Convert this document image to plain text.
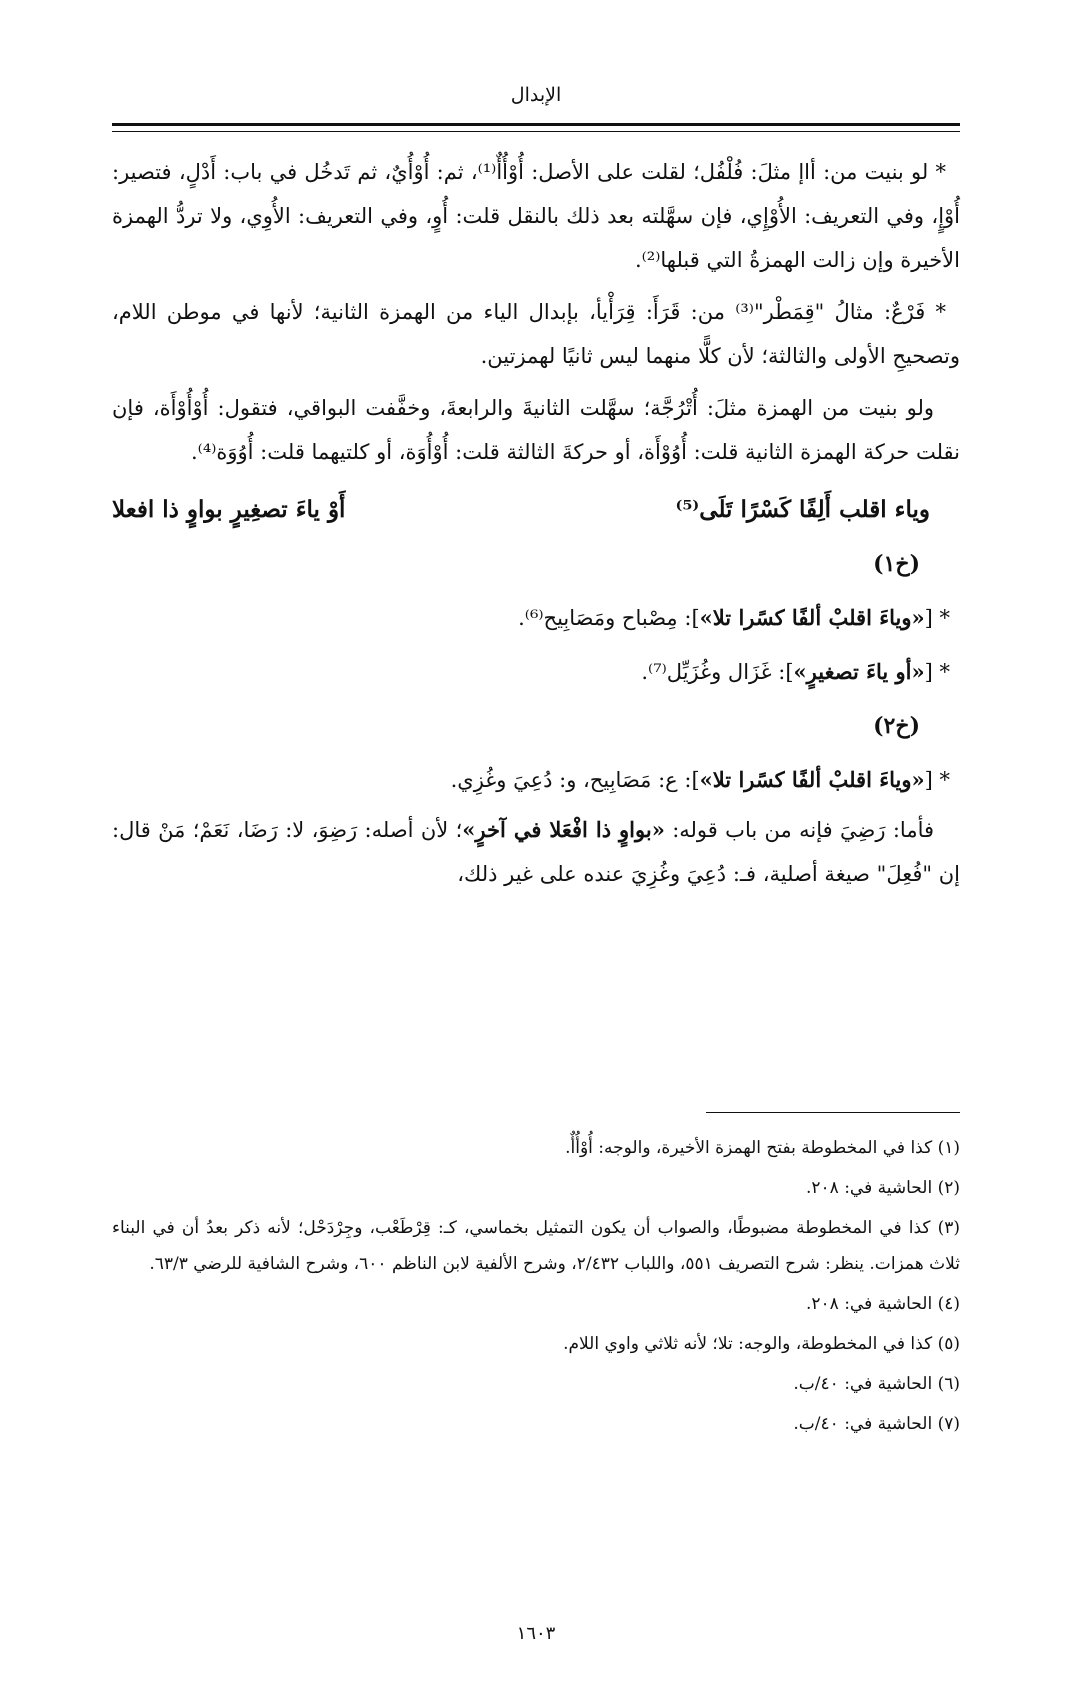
الإبدال

* لو بنيت من: أاإ مثلَ: فُلْفُل؛ لقلت على الأصل: أُوْأُأٌ⁽¹⁾، ثم: أُوْأُيٌ، ثم تَدخُل في باب: أَدْلٍ، فتصير: أُوْإٍ، وفي التعريف: الأُوْإِي، فإن سهَّلته بعد ذلك بالنقل قلت: أُوٍ، وفي التعريف: الأُوِي، ولا تردُّ الهمزة الأخيرة وإن زالت الهمزةُ التي قبلها⁽²⁾.

* فَرْعٌ: مثالُ "قِمَطْر"⁽³⁾ من: قَرَأَ: قِرَأْيأ، بإبدال الياء من الهمزة الثانية؛ لأنها في موطن اللام، وتصحيحِ الأولى والثالثة؛ لأن كلًّا منهما ليس ثانيًا لهمزتين.

ولو بنيت من الهمزة مثلَ: أُتْرُجَّة؛ سهَّلت الثانيةَ والرابعةَ، وخفَّفت البواقي، فتقول: أُوْأُوْأَة، فإن نقلت حركة الهمزة الثانية قلت: أُوُوْأَة، أو حركةَ الثالثة قلت: أُوْأُوَة، أو كلتيهما قلت: أُوُوَة⁽⁴⁾.

وياء اقلب أَلِفًا كَسْرًا تَلَى⁽⁵⁾
أَوْ ياءَ تصغِيرٍ بواوٍ ذا افعلا
(خ١)
* [«وياءَ اقلبْ ألفًا كسًرا تلا»]: مِصْباح ومَصَابِيح⁽⁶⁾.
* [«أو ياءَ تصغيرٍ»]: غَزَال وغُزَيِّل⁽⁷⁾.
(خ٢)
* [«وياءَ اقلبْ ألفًا كسًرا تلا»]: ع: مَصَابِيح، و: دُعِيَ وغُزِي.

فأما: رَضِيَ فإنه من باب قوله: «بواوٍ ذا افْعَلا في آخرٍ»؛ لأن أصله: رَضِوَ، لا: رَضَا، نَعَمْ؛ مَنْ قال: إن "فُعِلَ" صيغة أصلية، فـ: دُعِيَ وغُزِيَ عنده على غير ذلك،

(١) كذا في المخطوطة بفتح الهمزة الأخيرة، والوجه: أُوْأُأٌ.

(٢) الحاشية في: ٢٠٨.

(٣) كذا في المخطوطة مضبوطًا، والصواب أن يكون التمثيل بخماسي، كـ: قِرْطَعْب، وجِرْدَحْل؛ لأنه ذكر بعدُ أن في البناء ثلاث همزات. ينظر: شرح التصريف ٥٥١، واللباب ٢/٤٣٢، وشرح الألفية لابن الناظم ٦٠٠، وشرح الشافية للرضي ٦٣/٣.

(٤) الحاشية في: ٢٠٨.

(٥) كذا في المخطوطة، والوجه: تلا؛ لأنه ثلاثي واوي اللام.

(٦) الحاشية في: ٤٠/ب.

(٧) الحاشية في: ٤٠/ب.

١٦٠٣
